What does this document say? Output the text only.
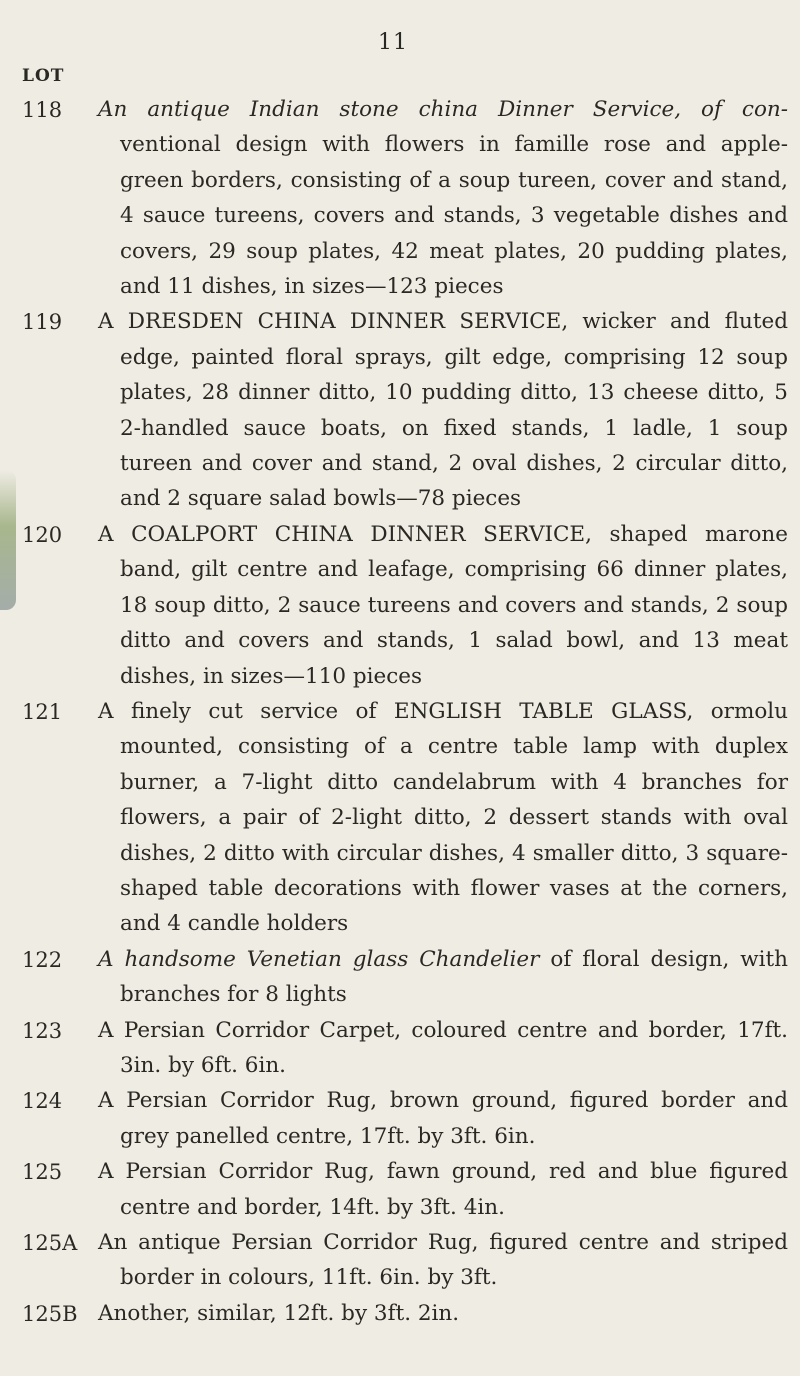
11
LOT
118 An antique Indian stone china Dinner Service, of con- ventional design with flowers in famille rose and apple-green borders, consisting of a soup tureen, cover and stand, 4 sauce tureens, covers and stands, 3 vegetable dishes and covers, 29 soup plates, 42 meat plates, 20 pudding plates, and 11 dishes, in sizes—123 pieces
119 A DRESDEN CHINA DINNER SERVICE, wicker and fluted edge, painted floral sprays, gilt edge, comprising 12 soup plates, 28 dinner ditto, 10 pudding ditto, 13 cheese ditto, 5 2-handled sauce boats, on fixed stands, 1 ladle, 1 soup tureen and cover and stand, 2 oval dishes, 2 circular ditto, and 2 square salad bowls—78 pieces
120 A COALPORT CHINA DINNER SERVICE, shaped marone band, gilt centre and leafage, comprising 66 dinner plates, 18 soup ditto, 2 sauce tureens and covers and stands, 2 soup ditto and covers and stands, 1 salad bowl, and 13 meat dishes, in sizes—110 pieces
121 A finely cut service of ENGLISH TABLE GLASS, ormolu mounted, consisting of a centre table lamp with duplex burner, a 7-light ditto candelabrum with 4 branches for flowers, a pair of 2-light ditto, 2 dessert stands with oval dishes, 2 ditto with circular dishes, 4 smaller ditto, 3 square-shaped table decorations with flower vases at the corners, and 4 candle holders
122 A handsome Venetian glass Chandelier of floral design, with branches for 8 lights
123 A Persian Corridor Carpet, coloured centre and border, 17ft. 3in. by 6ft. 6in.
124 A Persian Corridor Rug, brown ground, figured border and grey panelled centre, 17ft. by 3ft. 6in.
125 A Persian Corridor Rug, fawn ground, red and blue figured centre and border, 14ft. by 3ft. 4in.
125A An antique Persian Corridor Rug, figured centre and striped border in colours, 11ft. 6in. by 3ft.
125B Another, similar, 12ft. by 3ft. 2in.
